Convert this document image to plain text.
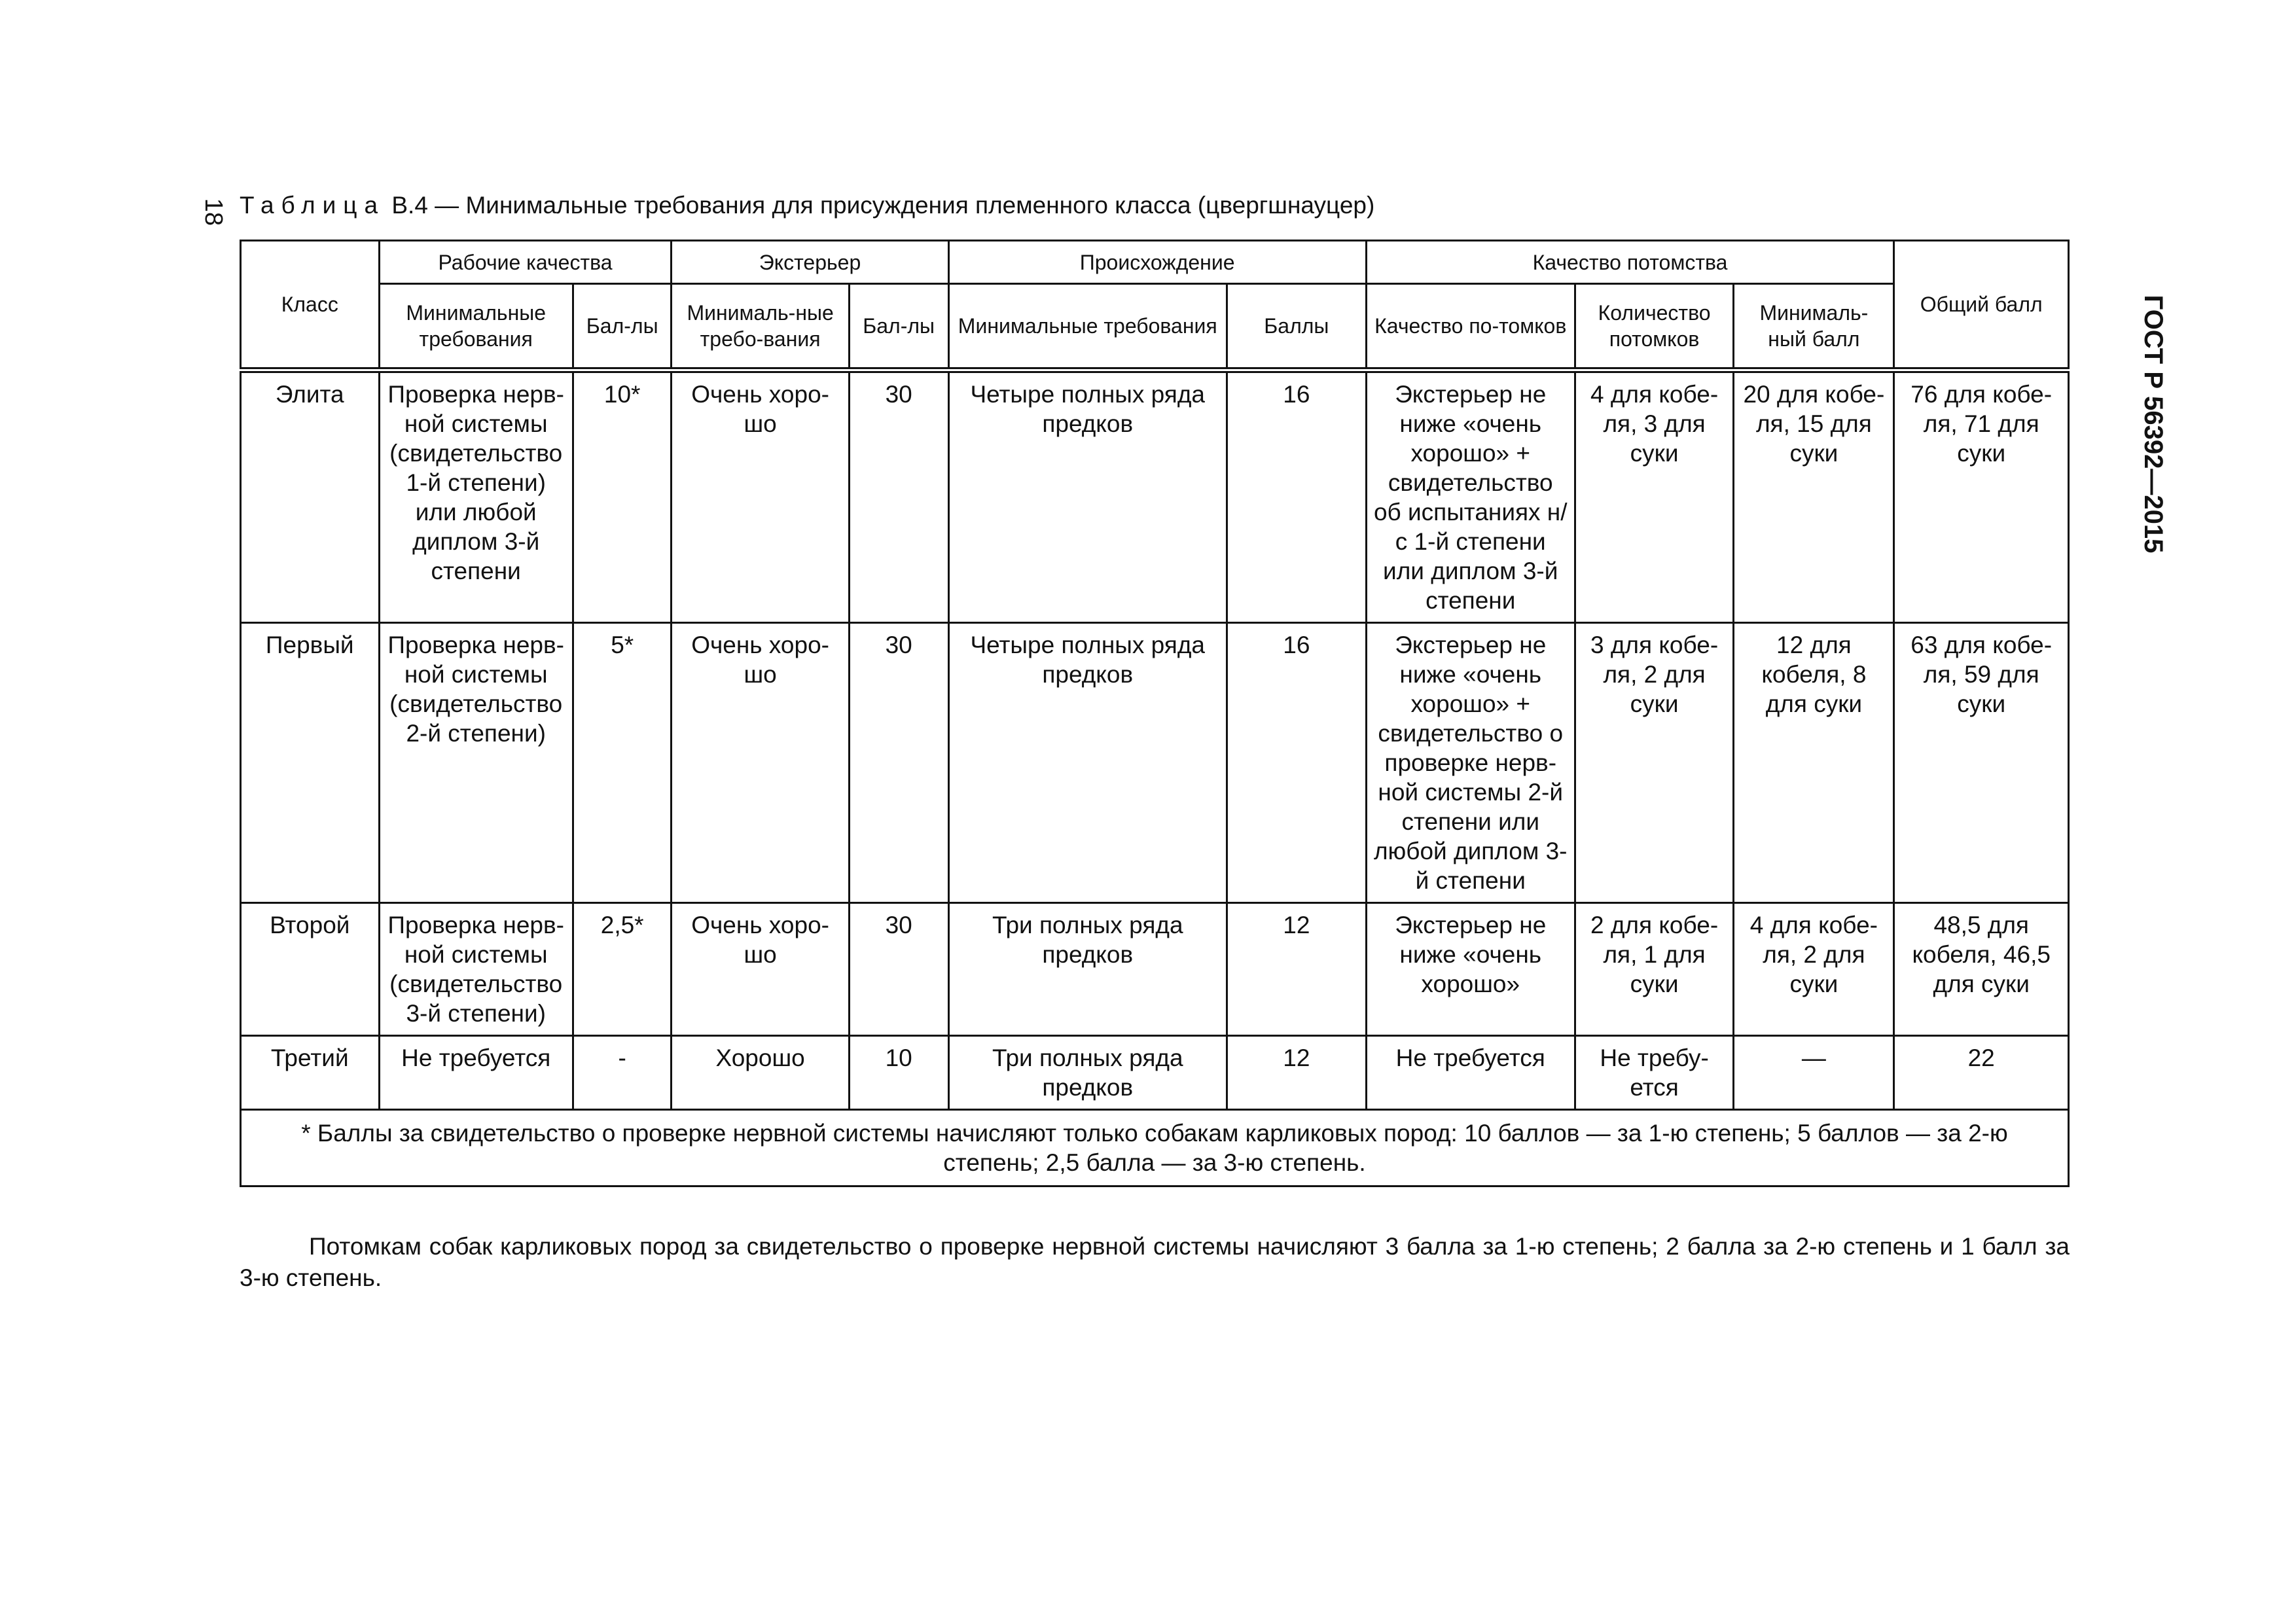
18
ГОСТ Р 56392—2015
Таблица В.4 — Минимальные требования для присуждения племенного класса (цвергшнауцер)
Класс	Рабочие качества		Экстерьер		Происхождение		Качество потомства			Общий балл
	Минимальные требования	Бал-лы	Минималь-ные требо-вания	Бал-лы	Минимальные требования	Баллы	Качество по-томков	Количество потомков	Минималь-ный балл	
Элита	Проверка нерв-ной системы (свидетельство 1-й степени) или любой диплом 3-й степени	10*	Очень хоро-шо	30	Четыре полных ряда предков	16	Экстерьер не ниже «очень хорошо» + свидетельство об испытаниях н/с 1-й степени или диплом 3-й степени	4 для кобе-ля, 3 для суки	20 для кобе-ля, 15 для суки	76 для кобе-ля, 71 для суки
Первый	Проверка нерв-ной системы (свидетельство 2-й степени)	5*	Очень хоро-шо	30	Четыре полных ряда предков	16	Экстерьер не ниже «очень хорошо» + свидетельство о проверке нерв-ной системы 2-й степени или любой диплом 3-й степени	3 для кобе-ля, 2 для суки	12 для кобеля, 8 для суки	63 для кобе-ля, 59 для суки
Второй	Проверка нерв-ной системы (свидетельство 3-й степени)	2,5*	Очень хоро-шо	30	Три полных ряда предков	12	Экстерьер не ниже «очень хорошо»	2 для кобе-ля, 1 для суки	4 для кобе-ля, 2 для суки	48,5 для кобеля, 46,5 для суки
Третий	Не требуется	-	Хорошо	10	Три полных ряда предков	12	Не требуется	Не требу-ется	—	22
* Баллы за свидетельство о проверке нервной системы начисляют только собакам карликовых пород: 10 баллов — за 1-ю степень; 5 баллов — за 2-ю степень; 2,5 балла — за 3-ю степень.										

Потомкам собак карликовых пород за свидетельство о проверке нервной системы начисляют 3 балла за 1-ю степень; 2 балла за 2-ю степень и 1 балл за 3-ю степень.
